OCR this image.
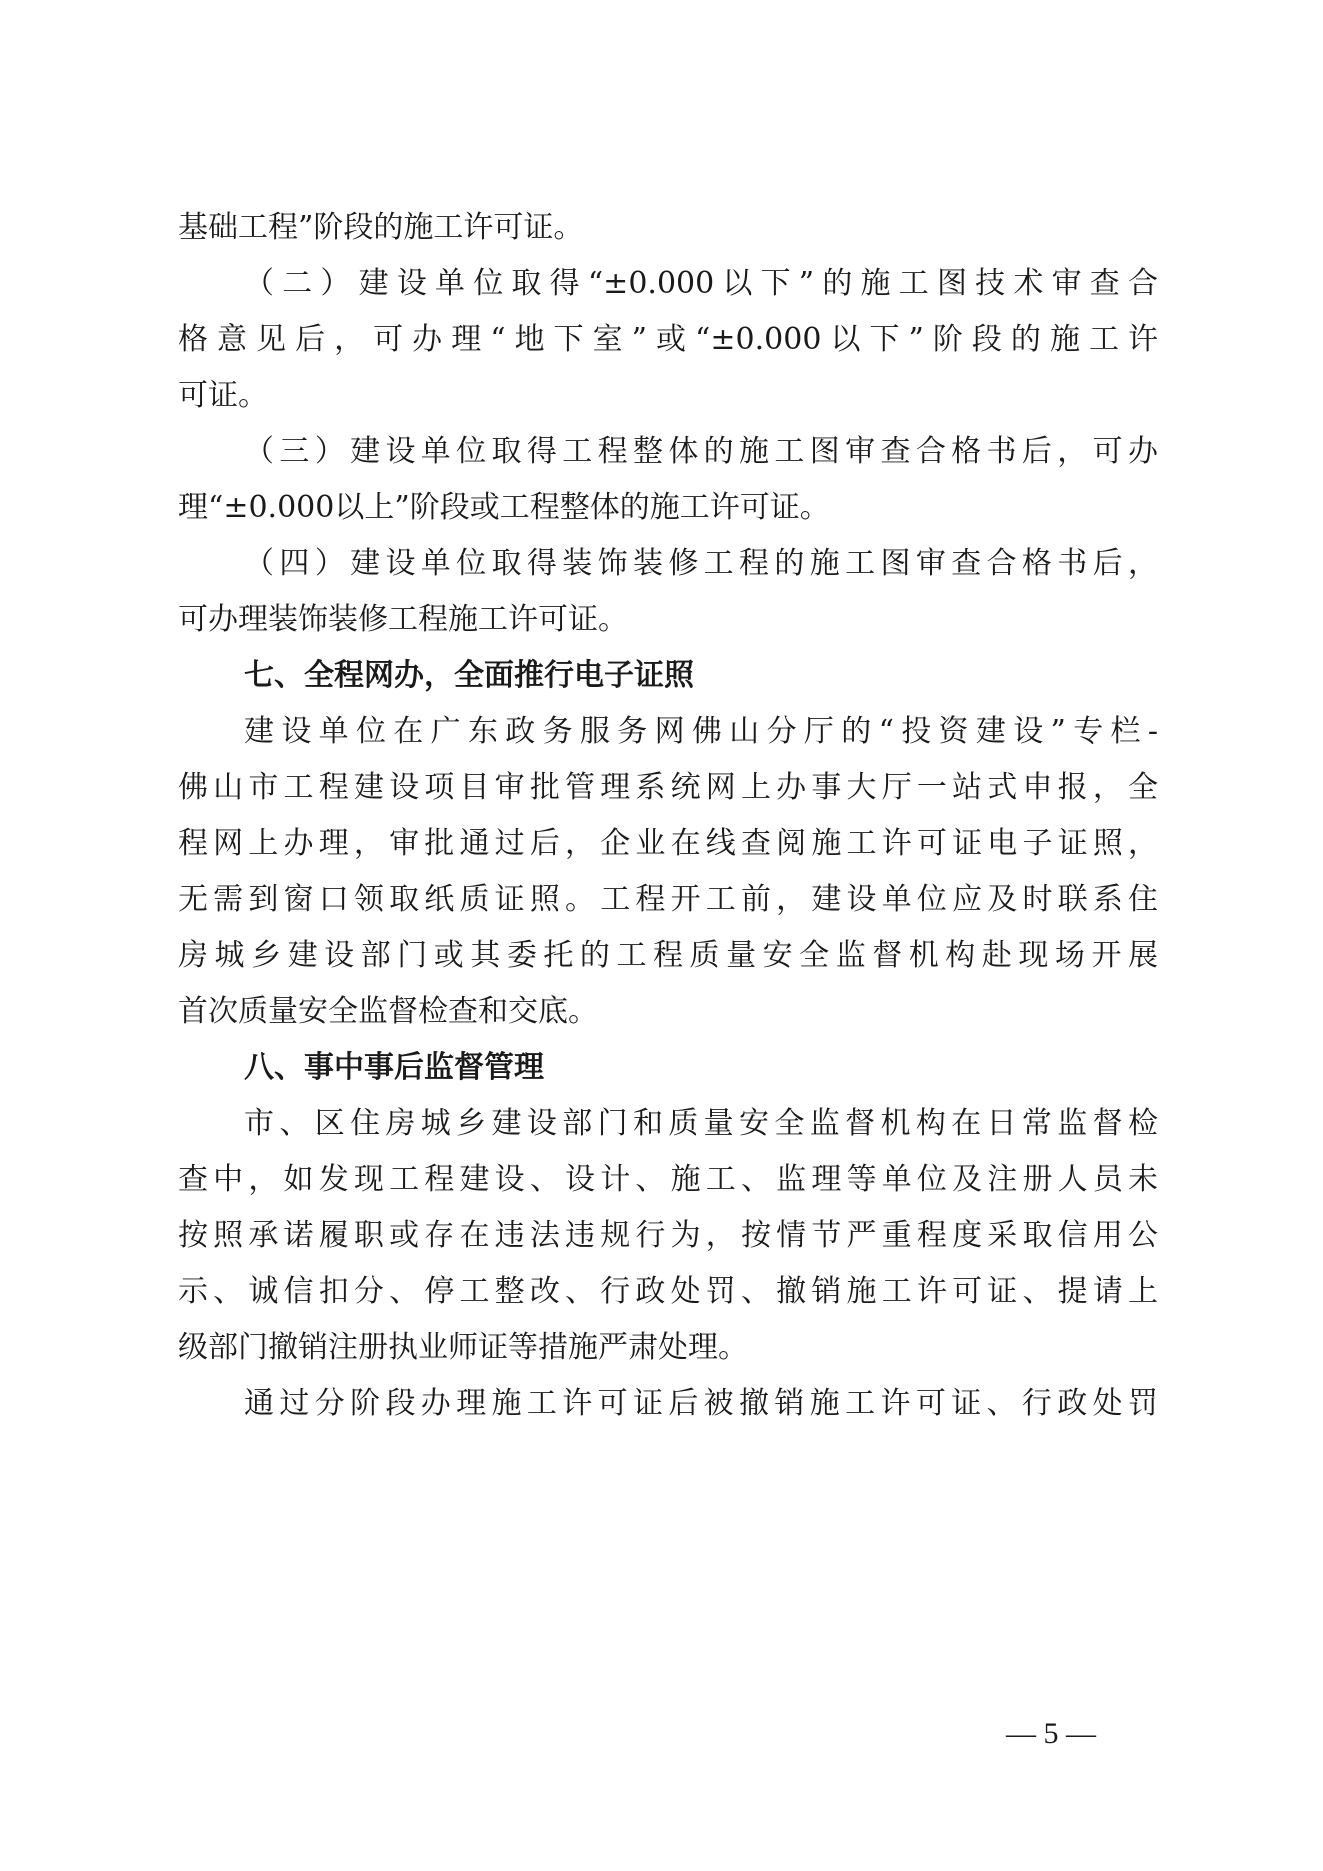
基础工程”阶段的施工许可证。
（二）建设单位取得“±0.000以下”的施工图技术审查合
格意见后，可办理“地下室”或“±0.000以下”阶段的施工许
可证。
（三）建设单位取得工程整体的施工图审查合格书后，可办
理“±0.000以上”阶段或工程整体的施工许可证。
（四）建设单位取得装饰装修工程的施工图审查合格书后，
可办理装饰装修工程施工许可证。
七、全程网办，全面推行电子证照
建设单位在广东政务服务网佛山分厅的“投资建设”专栏-
佛山市工程建设项目审批管理系统网上办事大厅一站式申报，全
程网上办理，审批通过后，企业在线查阅施工许可证电子证照，
无需到窗口领取纸质证照。工程开工前，建设单位应及时联系住
房城乡建设部门或其委托的工程质量安全监督机构赴现场开展
首次质量安全监督检查和交底。
八、事中事后监督管理
市、区住房城乡建设部门和质量安全监督机构在日常监督检
查中，如发现工程建设、设计、施工、监理等单位及注册人员未
按照承诺履职或存在违法违规行为，按情节严重程度采取信用公
示、诚信扣分、停工整改、行政处罚、撤销施工许可证、提请上
级部门撤销注册执业师证等措施严肃处理。
通过分阶段办理施工许可证后被撤销施工许可证、行政处罚
— 5 —
